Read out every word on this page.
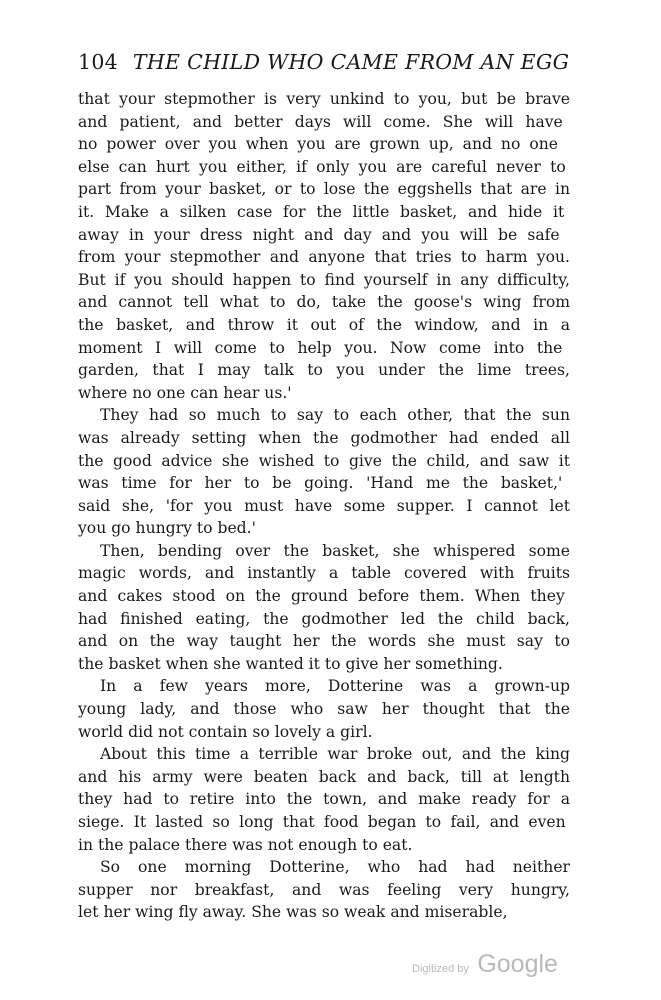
104 THE CHILD WHO CAME FROM AN EGG
that your stepmother is very unkind to you, but be brave
and patient, and better days will come. She will have
no power over you when you are grown up, and no one
else can hurt you either, if only you are careful never to
part from your basket, or to lose the eggshells that are in
it. Make a silken case for the little basket, and hide it
away in your dress night and day and you will be safe
from your stepmother and anyone that tries to harm you.
But if you should happen to find yourself in any difficulty,
and cannot tell what to do, take the goose's wing from
the basket, and throw it out of the window, and in a
moment I will come to help you. Now come into the
garden, that I may talk to you under the lime trees,
where no one can hear us.'
They had so much to say to each other, that the sun
was already setting when the godmother had ended all
the good advice she wished to give the child, and saw it
was time for her to be going. 'Hand me the basket,'
said she, 'for you must have some supper. I cannot let
you go hungry to bed.'
Then, bending over the basket, she whispered some
magic words, and instantly a table covered with fruits
and cakes stood on the ground before them. When they
had finished eating, the godmother led the child back,
and on the way taught her the words she must say to
the basket when she wanted it to give her something.
In a few years more, Dotterine was a grown-up
young lady, and those who saw her thought that the
world did not contain so lovely a girl.
About this time a terrible war broke out, and the king
and his army were beaten back and back, till at length
they had to retire into the town, and make ready for a
siege. It lasted so long that food began to fail, and even
in the palace there was not enough to eat.
So one morning Dotterine, who had had neither
supper nor breakfast, and was feeling very hungry,
let her wing fly away. She was so weak and miserable,
Digitized by Google
